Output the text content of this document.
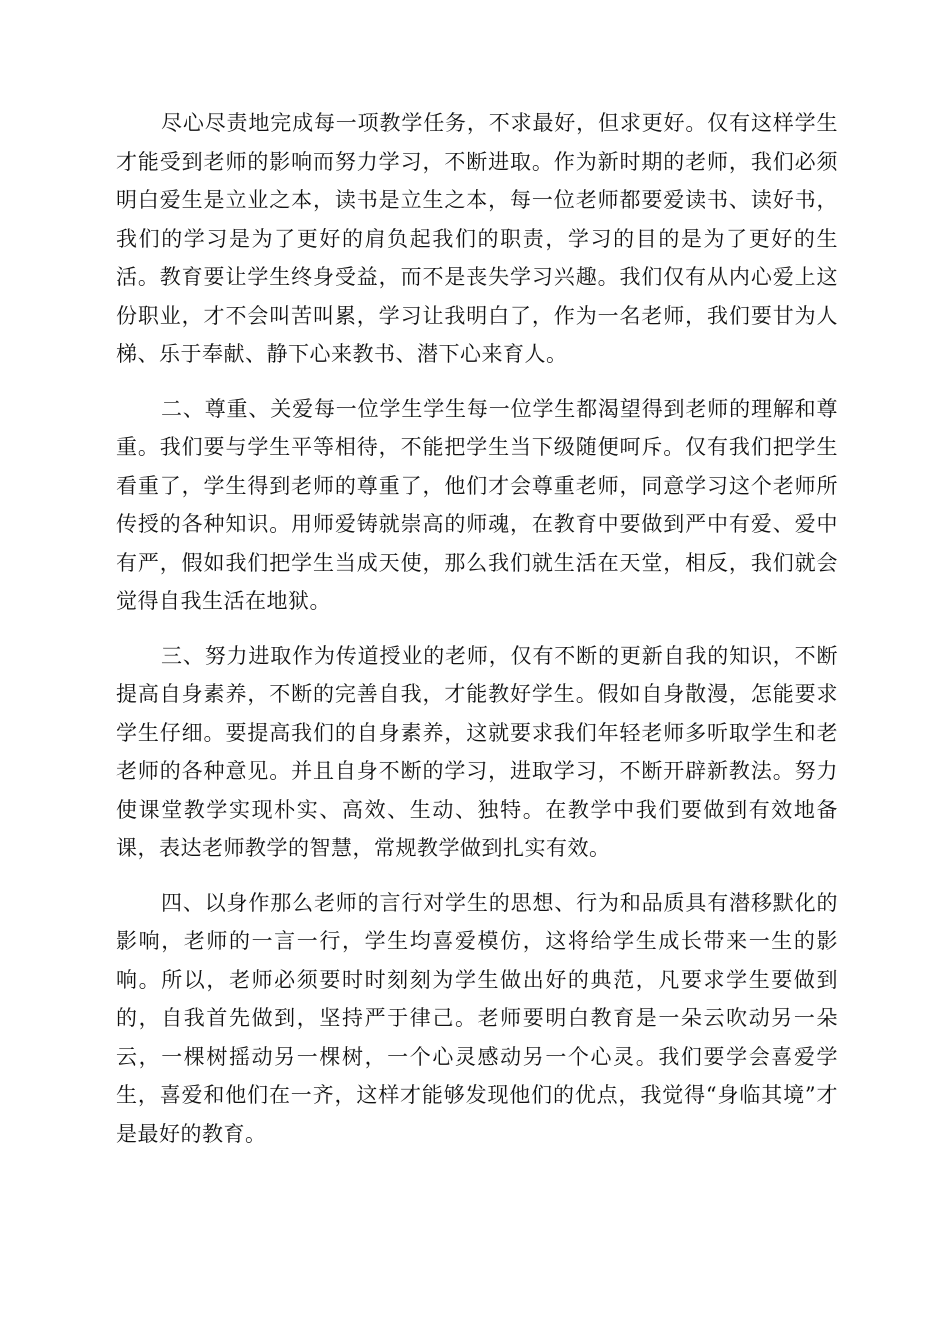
尽心尽责地完成每一项教学任务，不求最好，但求更好。仅有这样学生才能受到老师的影响而努力学习，不断进取。作为新时期的老师，我们必须明白爱生是立业之本，读书是立生之本，每一位老师都要爱读书、读好书，我们的学习是为了更好的肩负起我们的职责，学习的目的是为了更好的生活。教育要让学生终身受益，而不是丧失学习兴趣。我们仅有从内心爱上这份职业，才不会叫苦叫累，学习让我明白了，作为一名老师，我们要甘为人梯、乐于奉献、静下心来教书、潜下心来育人。

二、尊重、关爱每一位学生学生每一位学生都渴望得到老师的理解和尊重。我们要与学生平等相待，不能把学生当下级随便呵斥。仅有我们把学生看重了，学生得到老师的尊重了，他们才会尊重老师，同意学习这个老师所传授的各种知识。用师爱铸就崇高的师魂，在教育中要做到严中有爱、爱中有严，假如我们把学生当成天使，那么我们就生活在天堂，相反，我们就会觉得自我生活在地狱。

三、努力进取作为传道授业的老师，仅有不断的更新自我的知识，不断提高自身素养，不断的完善自我，才能教好学生。假如自身散漫，怎能要求学生仔细。要提高我们的自身素养，这就要求我们年轻老师多听取学生和老老师的各种意见。并且自身不断的学习，进取学习，不断开辟新教法。努力使课堂教学实现朴实、高效、生动、独特。在教学中我们要做到有效地备课，表达老师教学的智慧，常规教学做到扎实有效。

四、以身作那么老师的言行对学生的思想、行为和品质具有潜移默化的影响，老师的一言一行，学生均喜爱模仿，这将给学生成长带来一生的影响。所以，老师必须要时时刻刻为学生做出好的典范，凡要求学生要做到的，自我首先做到，坚持严于律己。老师要明白教育是一朵云吹动另一朵云，一棵树摇动另一棵树，一个心灵感动另一个心灵。我们要学会喜爱学生，喜爱和他们在一齐，这样才能够发现他们的优点，我觉得“身临其境”才是最好的教育。
